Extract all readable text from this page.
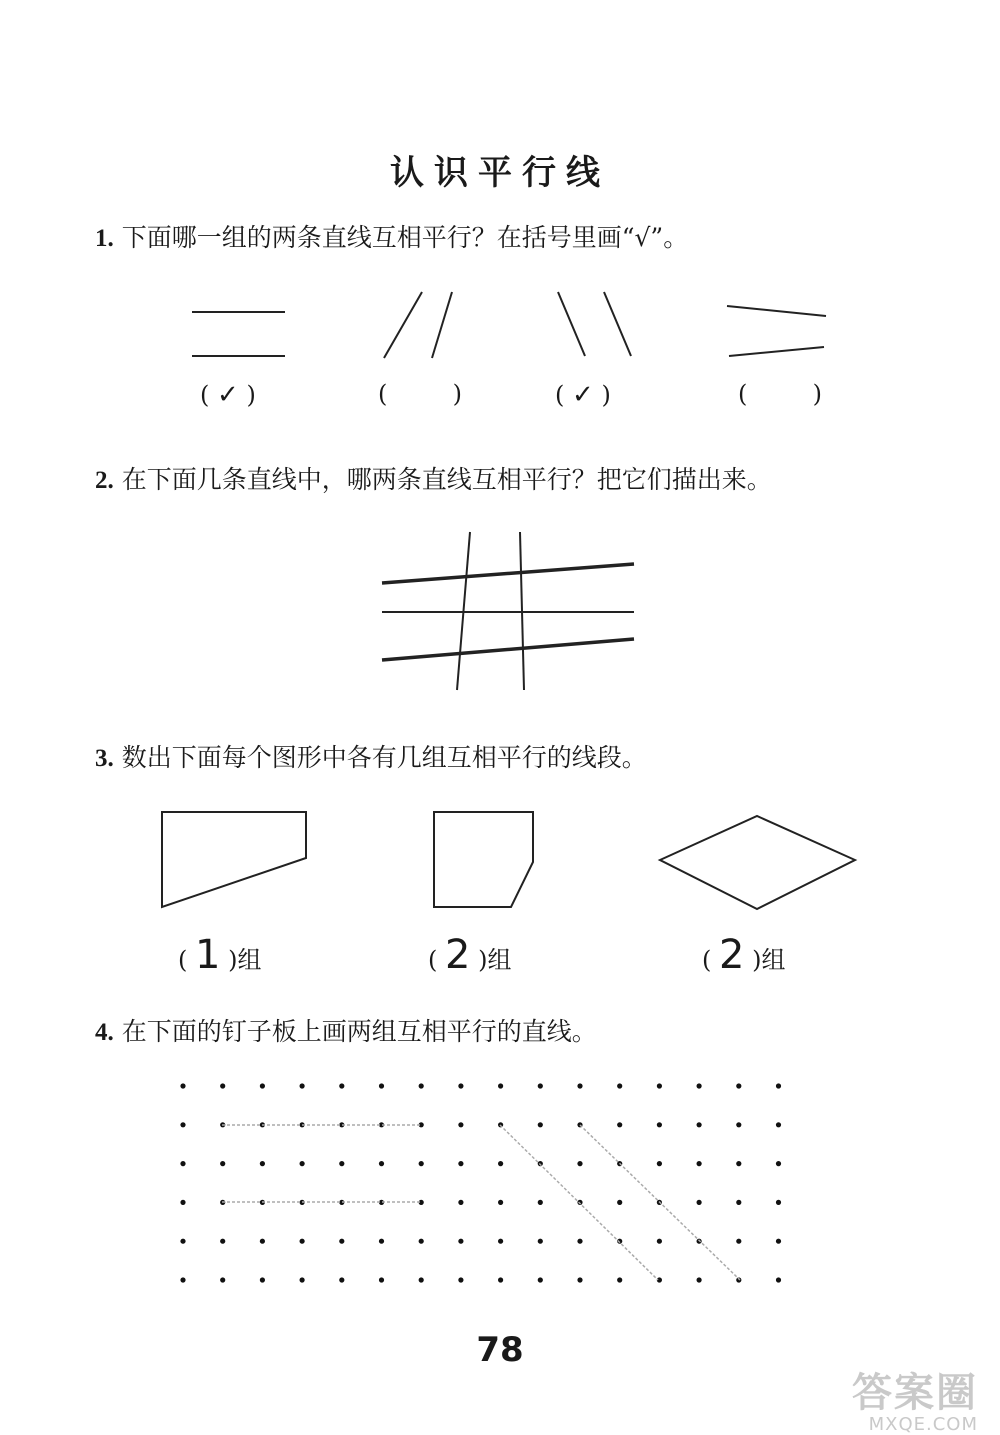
认识平行线
1. 下面哪一组的两条直线互相平行？在括号里画“√”。
( ✓ )	(	)	( ✓ )	(	)
2. 在下面几条直线中，哪两条直线互相平行？把它们描出来。
3. 数出下面每个图形中各有几组互相平行的线段。
( 1 )组	( 2 )组	( 2 )组
4. 在下面的钉子板上画两组互相平行的直线。
78
答案圈
MXQE.COM
